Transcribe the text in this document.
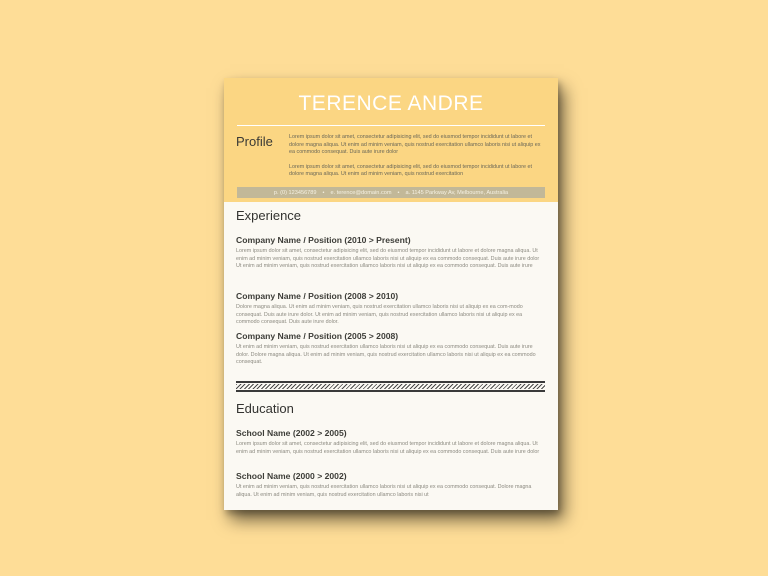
TERENCE ANDRE
Profile	Lorem ipsum dolor sit amet, consectetur adipisicing elit, sed do eiusmod tempor incididunt ut labore et dolore magna aliqua. Ut enim ad minim veniam, quis nostrud exercitation ullamco laboris nisi ut aliquip ex ea commodo consequat. Duis aute irure dolor

Lorem ipsum dolor sit amet, consectetur adipisicing elit, sed do eiusmod tempor incididunt ut labore et dolore magna aliqua. Ut enim ad minim veniam, quis nostrud exercitation

p. (0) 123456789 • e. terence@domain.com • a. 1145 Parkway Av, Melbourne, Australia
Experience
Company Name / Position (2010 > Present)
Lorem ipsum dolor sit amet, consectetur adipisicing elit, sed do eiusmod tempor incididunt ut labore et dolore magna aliqua. Ut enim ad minim veniam, quis nostrud exercitation ullamco laboris nisi ut aliquip ex ea commodo consequat. Duis aute irure dolor Ut enim ad minim veniam, quis nostrud exercitation ullamco laboris nisi ut aliquip ex ea commodo consequat. Duis aute irure
Company Name / Position (2008 > 2010)
Dolore magna aliqua. Ut enim ad minim veniam, quis nostrud exercitation ullamco laboris nisi ut aliquip ex ea com-modo consequat. Duis aute irure dolor. Ut enim ad minim veniam, quis nostrud exercitation ullamco laboris nisi ut aliquip ex ea commodo consequat. Duis aute irure dolor.
Company Name / Position (2005 > 2008)
Ut enim ad minim veniam, quis nostrud exercitation ullamco laboris nisi ut aliquip ex ea commodo consequat. Duis aute irure dolor. Dolore magna aliqua. Ut enim ad minim veniam, quis nostrud exercitation ullamco laboris nisi ut aliquip ex ea commodo consequat.
Education
School Name (2002 > 2005)
Lorem ipsum dolor sit amet, consectetur adipisicing elit, sed do eiusmod tempor incididunt ut labore et dolore magna aliqua. Ut enim ad minim veniam, quis nostrud exercitation ullamco laboris nisi ut aliquip ex ea commodo consequat. Duis aute irure dolor
School Name (2000 > 2002)
Ut enim ad minim veniam, quis nostrud exercitation ullamco laboris nisi ut aliquip ex ea commodo consequat. Dolore magna aliqua. Ut enim ad minim veniam, quis nostrud exercitation ullamco laboris nisi ut
